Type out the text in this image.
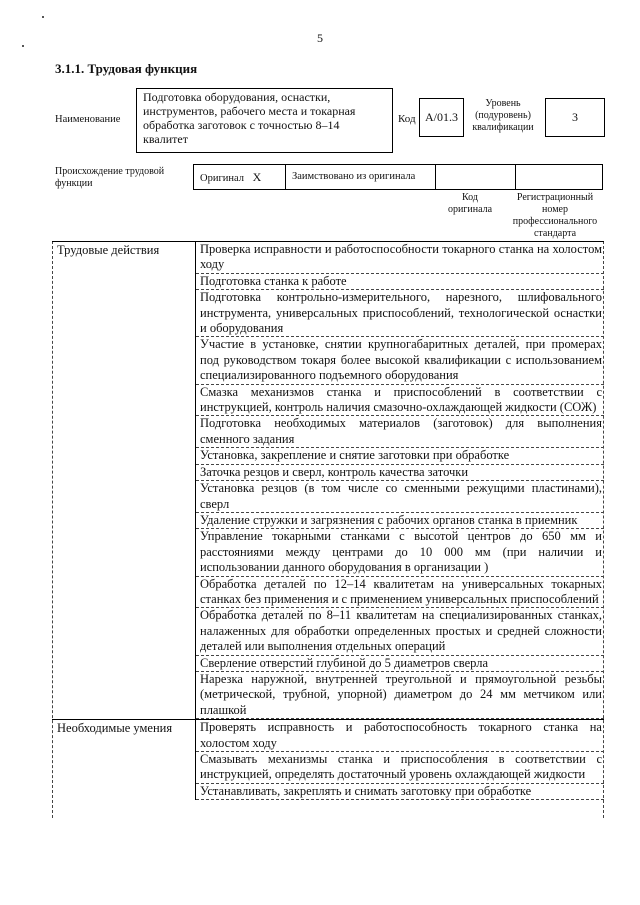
5
3.1.1. Трудовая функция
Наименование
Подготовка оборудования, оснастки, инструментов, рабочего места и токарная обработка заготовок с точностью 8–14 квалитет
Код А/01.3
Уровень (подуровень) квалификации
3
Происхождение трудовой функции	Оригинал X	Заимствовано из оригинала
Код оригинала
Регистрационный номер профессионального стандарта
Трудовые действия	Проверка исправности и работоспособности токарного станка на холостом ходу
Подготовка станка к работе
Подготовка контрольно-измерительного, нарезного, шлифовального инструмента, универсальных приспособлений, технологической оснастки и оборудования
Участие в установке, снятии крупногабаритных деталей, при промерах под руководством токаря более высокой квалификации с использованием специализированного подъемного оборудования
Смазка механизмов станка и приспособлений в соответствии с инструкцией, контроль наличия смазочно-охлаждающей жидкости (СОЖ)
Подготовка необходимых материалов (заготовок) для выполнения сменного задания
Установка, закрепление и снятие заготовки при обработке
Заточка резцов и сверл, контроль качества заточки
Установка резцов (в том числе со сменными режущими пластинами), сверл
Удаление стружки и загрязнения с рабочих органов станка в приемник
Управление токарными станками с высотой центров до 650 мм и расстояниями между центрами до 10 000 мм (при наличии и использовании данного оборудования в организации )
Обработка деталей по 12–14 квалитетам на универсальных токарных станках без применения и с применением универсальных приспособлений
Обработка деталей по 8–11 квалитетам на специализированных станках, налаженных для обработки определенных простых и средней сложности деталей или выполнения отдельных операций
Сверление отверстий глубиной до 5 диаметров сверла
Нарезка наружной, внутренней треугольной и прямоугольной резьбы (метрической, трубной, упорной) диаметром до 24 мм метчиком или плашкой
Необходимые умения	Проверять исправность и работоспособность токарного станка на холостом ходу
Смазывать механизмы станка и приспособления в соответствии с инструкцией, определять достаточный уровень охлаждающей жидкости
Устанавливать, закреплять и снимать заготовку при обработке
